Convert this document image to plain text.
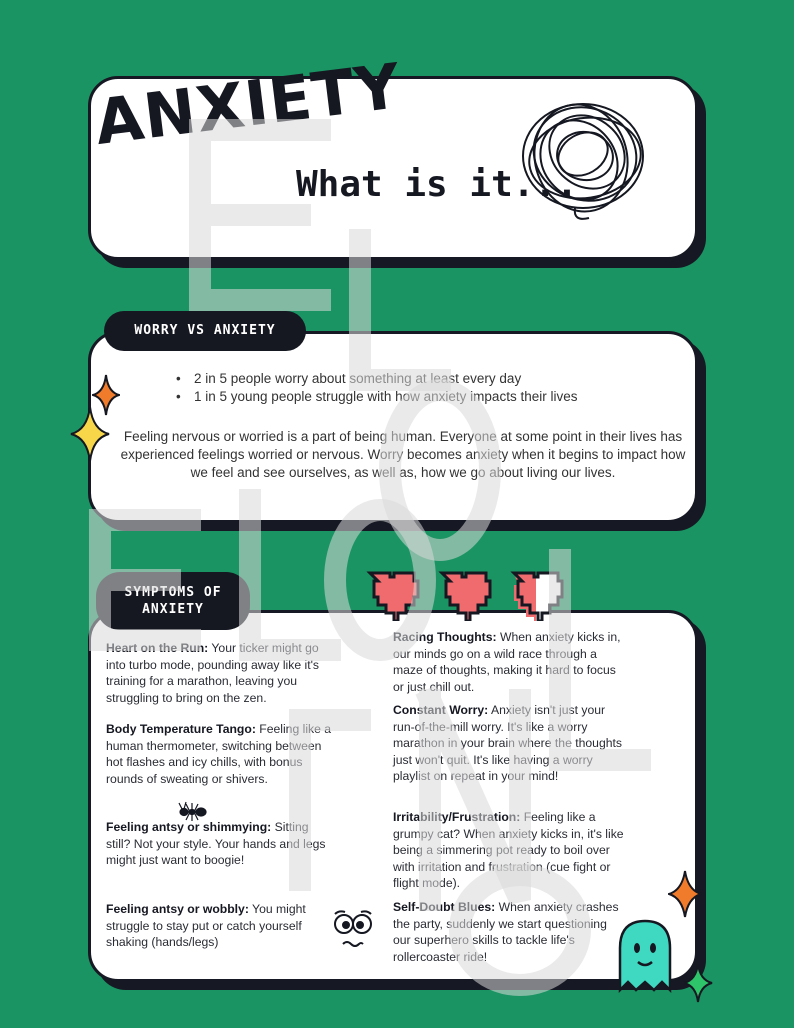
ANXIETY
What is it...
WORRY VS ANXIETY
• 2 in 5 people worry about something at least every day
• 1 in 5 young people struggle with how anxiety impacts their lives

Feeling nervous or worried is a part of being human. Everyone at some point in their lives has experienced feelings worried or nervous. Worry becomes anxiety when it begins to impact how we feel and see ourselves, as well as, how we go about living our lives.

SYMPTOMS OF
ANXIETY

Heart on the Run: Your ticker might go into turbo mode, pounding away like it's training for a marathon, leaving you struggling to bring on the zen.

Body Temperature Tango: Feeling like a human thermometer, switching between hot flashes and icy chills, with bonus rounds of sweating or shivers.

Feeling antsy or shimmying: Sitting still? Not your style. Your hands and legs might just want to boogie!

Feeling antsy or wobbly: You might struggle to stay put or catch yourself shaking (hands/legs)

Racing Thoughts: When anxiety kicks in, our minds go on a wild race through a maze of thoughts, making it hard to focus or just chill out.

Constant Worry: Anxiety isn't just your run-of-the-mill worry. It's like a worry marathon in your brain where the thoughts just won't quit. It's like having a worry playlist on repeat in your mind!

Irritability/Frustration: Feeling like a grumpy cat? When anxiety kicks in, it's like being a simmering pot ready to boil over with irritation and frustration (cue fight or flight mode).

Self-Doubt Blues: When anxiety crashes the party, suddenly we start questioning our superhero skills to tackle life's rollercoaster ride!
